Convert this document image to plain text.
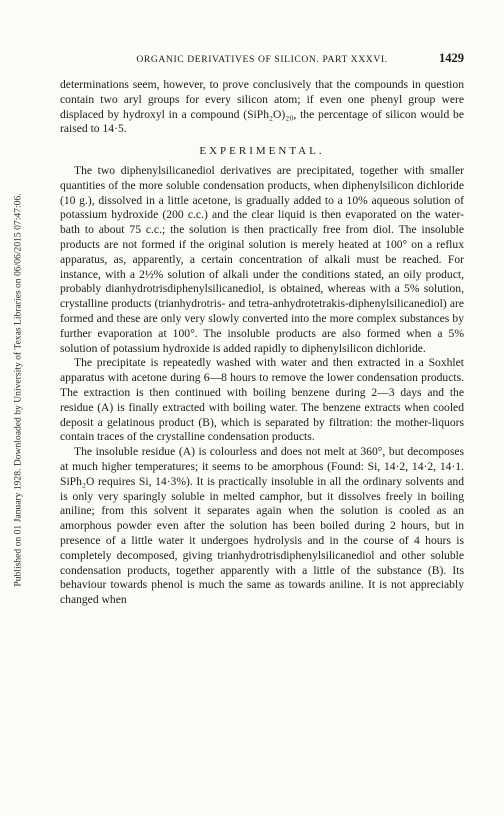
Published on 01 January 1928. Downloaded by University of Texas Libraries on 06/06/2015 07:47:06.
ORGANIC DERIVATIVES OF SILICON. PART XXXVI.	1429

determinations seem, however, to prove conclusively that the compounds in question contain two aryl groups for every silicon atom; if even one phenyl group were displaced by hydroxyl in a compound (SiPh₂O)₂₀, the percentage of silicon would be raised to 14·5.

EXPERIMENTAL.

The two diphenylsilicanediol derivatives are precipitated, together with smaller quantities of the more soluble condensation products, when diphenylsilicon dichloride (10 g.), dissolved in a little acetone, is gradually added to a 10% aqueous solution of potassium hydroxide (200 c.c.) and the clear liquid is then evaporated on the water-bath to about 75 c.c.; the solution is then practically free from diol. The insoluble products are not formed if the original solution is merely heated at 100° on a reflux apparatus, as, apparently, a certain concentration of alkali must be reached. For instance, with a 2½% solution of alkali under the conditions stated, an oily product, probably dianhydrotrisdiphenylsilicanediol, is obtained, whereas with a 5% solution, crystalline products (trianhydrotris- and tetra-anhydrotetrakis-diphenylsilicanediol) are formed and these are only very slowly converted into the more complex substances by further evaporation at 100°. The insoluble products are also formed when a 5% solution of potassium hydroxide is added rapidly to diphenylsilicon dichloride.

The precipitate is repeatedly washed with water and then extracted in a Soxhlet apparatus with acetone during 6—8 hours to remove the lower condensation products. The extraction is then continued with boiling benzene during 2—3 days and the residue (A) is finally extracted with boiling water. The benzene extracts when cooled deposit a gelatinous product (B), which is separated by filtration: the mother-liquors contain traces of the crystalline condensation products.

The insoluble residue (A) is colourless and does not melt at 360°, but decomposes at much higher temperatures; it seems to be amorphous (Found: Si, 14·2, 14·2, 14·1. SiPh₂O requires Si, 14·3%). It is practically insoluble in all the ordinary solvents and is only very sparingly soluble in melted camphor, but it dissolves freely in boiling aniline; from this solvent it separates again when the solution is cooled as an amorphous powder even after the solution has been boiled during 2 hours, but in presence of a little water it undergoes hydrolysis and in the course of 4 hours is completely decomposed, giving trianhydrotrisdiphenylsilicanediol and other soluble condensation products, together apparently with a little of the substance (B). Its behaviour towards phenol is much the same as towards aniline. It is not appreciably changed when
